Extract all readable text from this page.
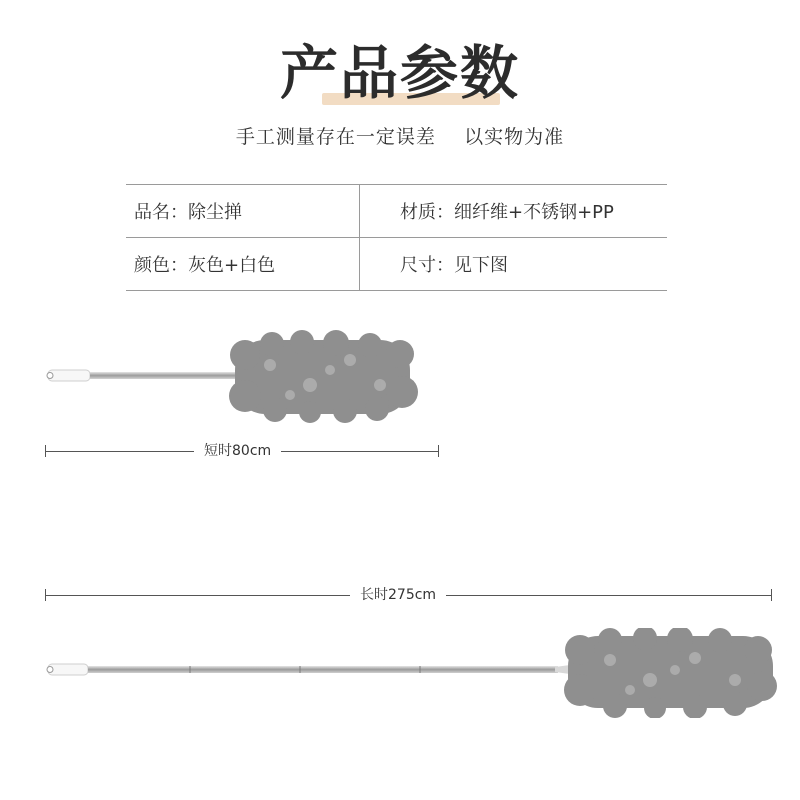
产品参数
手工测量存在一定误差    以实物为准
品名：除尘掸	材质：细纤维+不锈钢+PP
颜色：灰色+白色	尺寸：见下图
短时80cm
长时275cm
